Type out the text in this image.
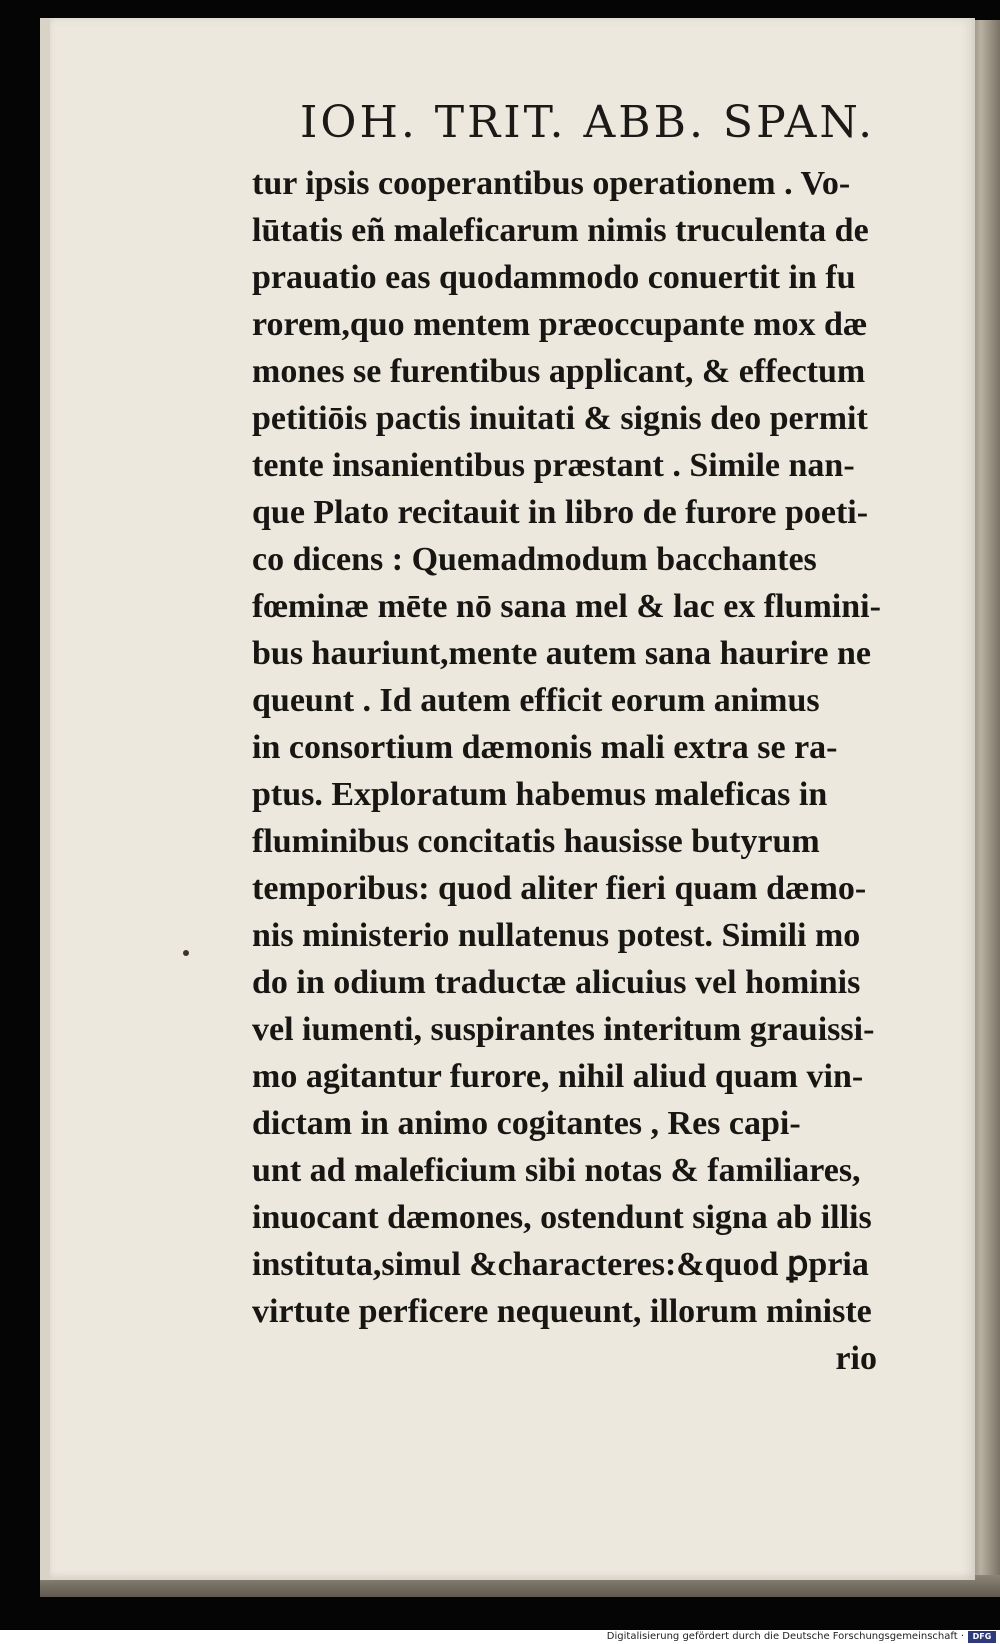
IOH. TRIT. ABB. SPAN.
tur ipsis cooperantibus operationem . Vo-
lūtatis eñ maleficarum nimis truculenta de
prauatio eas quodammodo conuertit in fu
rorem,quo mentem præoccupante mox dæ
mones se furentibus applicant, & effectum
petitiōis pactis inuitati & signis deo permit
tente insanientibus præstant . Simile nan-
que Plato recitauit in libro de furore poeti-
co dicens : Quemadmodum bacchantes
fœminæ mēte nō sana mel & lac ex flumini-
bus hauriunt,mente autem sana haurire ne
queunt . Id autem efficit eorum animus
in consortium dæmonis mali extra se ra-
ptus. Exploratum habemus maleficas in
fluminibus concitatis hausisse butyrum
temporibus: quod aliter fieri quam dæmo-
nis ministerio nullatenus potest. Simili mo
do in odium traductæ alicuius vel hominis
vel iumenti, suspirantes interitum grauissi-
mo agitantur furore, nihil aliud quam vin-
dictam in animo cogitantes , Res capi-
unt ad maleficium sibi notas & familiares,
inuocant dæmones, ostendunt signa ab illis
instituta,simul &characteres:&quod ꝑpria
virtute perficere nequeunt, illorum ministe
rio
Digitalisierung gefördert durch die Deutsche Forschungsgemeinschaft ·	DFG
